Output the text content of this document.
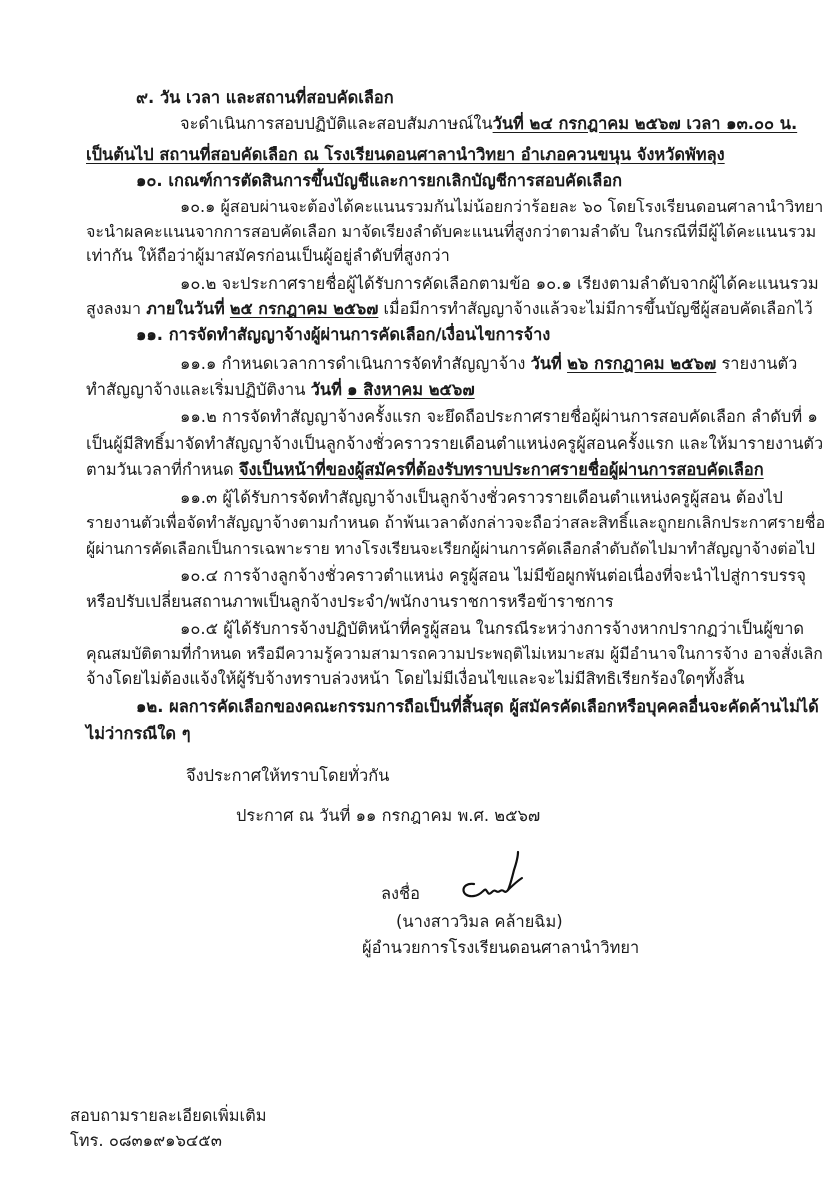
๙. วัน เวลา และสถานที่สอบคัดเลือก
จะดำเนินการสอบปฏิบัติและสอบสัมภาษณ์ในวันที่ ๒๔ กรกฎาคม ๒๕๖๗ เวลา ๑๓.๐๐ น.
เป็นต้นไป สถานที่สอบคัดเลือก ณ โรงเรียนดอนศาลานำวิทยา อำเภอควนขนุน จังหวัดพัทลุง
๑๐. เกณฑ์การตัดสินการขึ้นบัญชีและการยกเลิกบัญชีการสอบคัดเลือก
๑๐.๑ ผู้สอบผ่านจะต้องได้คะแนนรวมกันไม่น้อยกว่าร้อยละ ๖๐ โดยโรงเรียนดอนศาลานำวิทยา
จะนำผลคะแนนจากการสอบคัดเลือก มาจัดเรียงลำดับคะแนนที่สูงกว่าตามลำดับ ในกรณีที่มีผู้ได้คะแนนรวม
เท่ากัน ให้ถือว่าผู้มาสมัครก่อนเป็นผู้อยู่ลำดับที่สูงกว่า
๑๐.๒ จะประกาศรายชื่อผู้ได้รับการคัดเลือกตามข้อ ๑๐.๑ เรียงตามลำดับจากผู้ได้คะแนนรวม
สูงลงมา ภายในวันที่ ๒๕ กรกฎาคม ๒๕๖๗ เมื่อมีการทำสัญญาจ้างแล้วจะไม่มีการขึ้นบัญชีผู้สอบคัดเลือกไว้
๑๑. การจัดทำสัญญาจ้างผู้ผ่านการคัดเลือก/เงื่อนไขการจ้าง
๑๑.๑ กำหนดเวลาการดำเนินการจัดทำสัญญาจ้าง วันที่ ๒๖ กรกฎาคม ๒๕๖๗ รายงานตัว
ทำสัญญาจ้างและเริ่มปฏิบัติงาน วันที่ ๑ สิงหาคม ๒๕๖๗
๑๑.๒ การจัดทำสัญญาจ้างครั้งแรก จะยึดถือประกาศรายชื่อผู้ผ่านการสอบคัดเลือก ลำดับที่ ๑
เป็นผู้มีสิทธิ์มาจัดทำสัญญาจ้างเป็นลูกจ้างชั่วคราวรายเดือนตำแหน่งครูผู้สอนครั้งแรก และให้มารายงานตัว
ตามวันเวลาที่กำหนด จึงเป็นหน้าที่ของผู้สมัครที่ต้องรับทราบประกาศรายชื่อผู้ผ่านการสอบคัดเลือก
๑๑.๓ ผู้ได้รับการจัดทำสัญญาจ้างเป็นลูกจ้างชั่วคราวรายเดือนตำแหน่งครูผู้สอน ต้องไป
รายงานตัวเพื่อจัดทำสัญญาจ้างตามกำหนด ถ้าพ้นเวลาดังกล่าวจะถือว่าสละสิทธิ์และถูกยกเลิกประกาศรายชื่อ
ผู้ผ่านการคัดเลือกเป็นการเฉพาะราย ทางโรงเรียนจะเรียกผู้ผ่านการคัดเลือกลำดับถัดไปมาทำสัญญาจ้างต่อไป
๑๐.๔ การจ้างลูกจ้างชั่วคราวตำแหน่ง ครูผู้สอน ไม่มีข้อผูกพันต่อเนื่องที่จะนำไปสู่การบรรจุ
หรือปรับเปลี่ยนสถานภาพเป็นลูกจ้างประจำ/พนักงานราชการหรือข้าราชการ
๑๐.๕ ผู้ได้รับการจ้างปฏิบัติหน้าที่ครูผู้สอน ในกรณีระหว่างการจ้างหากปรากฏว่าเป็นผู้ขาด
คุณสมบัติตามที่กำหนด หรือมีความรู้ความสามารถความประพฤติไม่เหมาะสม ผู้มีอำนาจในการจ้าง อาจสั่งเลิก
จ้างโดยไม่ต้องแจ้งให้ผู้รับจ้างทราบล่วงหน้า โดยไม่มีเงื่อนไขและจะไม่มีสิทธิเรียกร้องใดๆทั้งสิ้น
๑๒. ผลการคัดเลือกของคณะกรรมการถือเป็นที่สิ้นสุด ผู้สมัครคัดเลือกหรือบุคคลอื่นจะคัดค้านไม่ได้
ไม่ว่ากรณีใด ๆ
จึงประกาศให้ทราบโดยทั่วกัน
ประกาศ ณ วันที่ ๑๑ กรกฎาคม พ.ศ. ๒๕๖๗
ลงชื่อ
(นางสาววิมล คล้ายฉิม)
ผู้อำนวยการโรงเรียนดอนศาลานำวิทยา
สอบถามรายละเอียดเพิ่มเติม
โทร. ๐๘๓๑๙๑๖๔๕๓
